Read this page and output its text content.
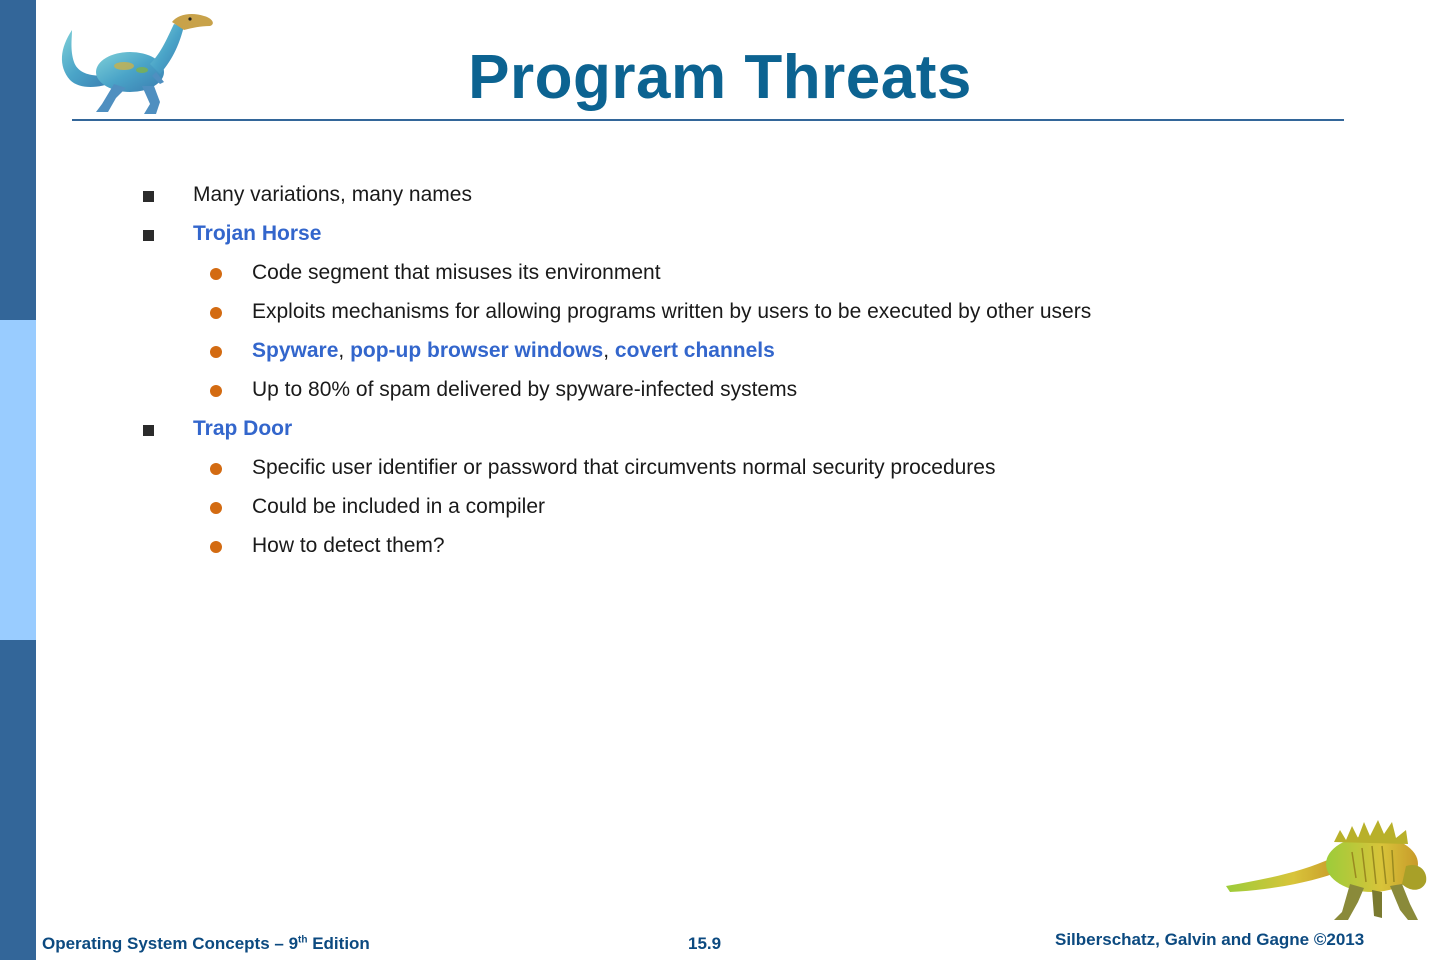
Program Threats
Many variations, many names
Trojan Horse
Code segment that misuses its environment
Exploits mechanisms for allowing programs written by users to be executed by other users
Spyware, pop-up browser windows, covert channels
Up to 80% of spam delivered by spyware-infected systems
Trap Door
Specific user identifier or password that circumvents normal security procedures
Could be included in a compiler
How to detect them?
Operating System Concepts – 9th Edition	15.9	Silberschatz, Galvin and Gagne ©2013
